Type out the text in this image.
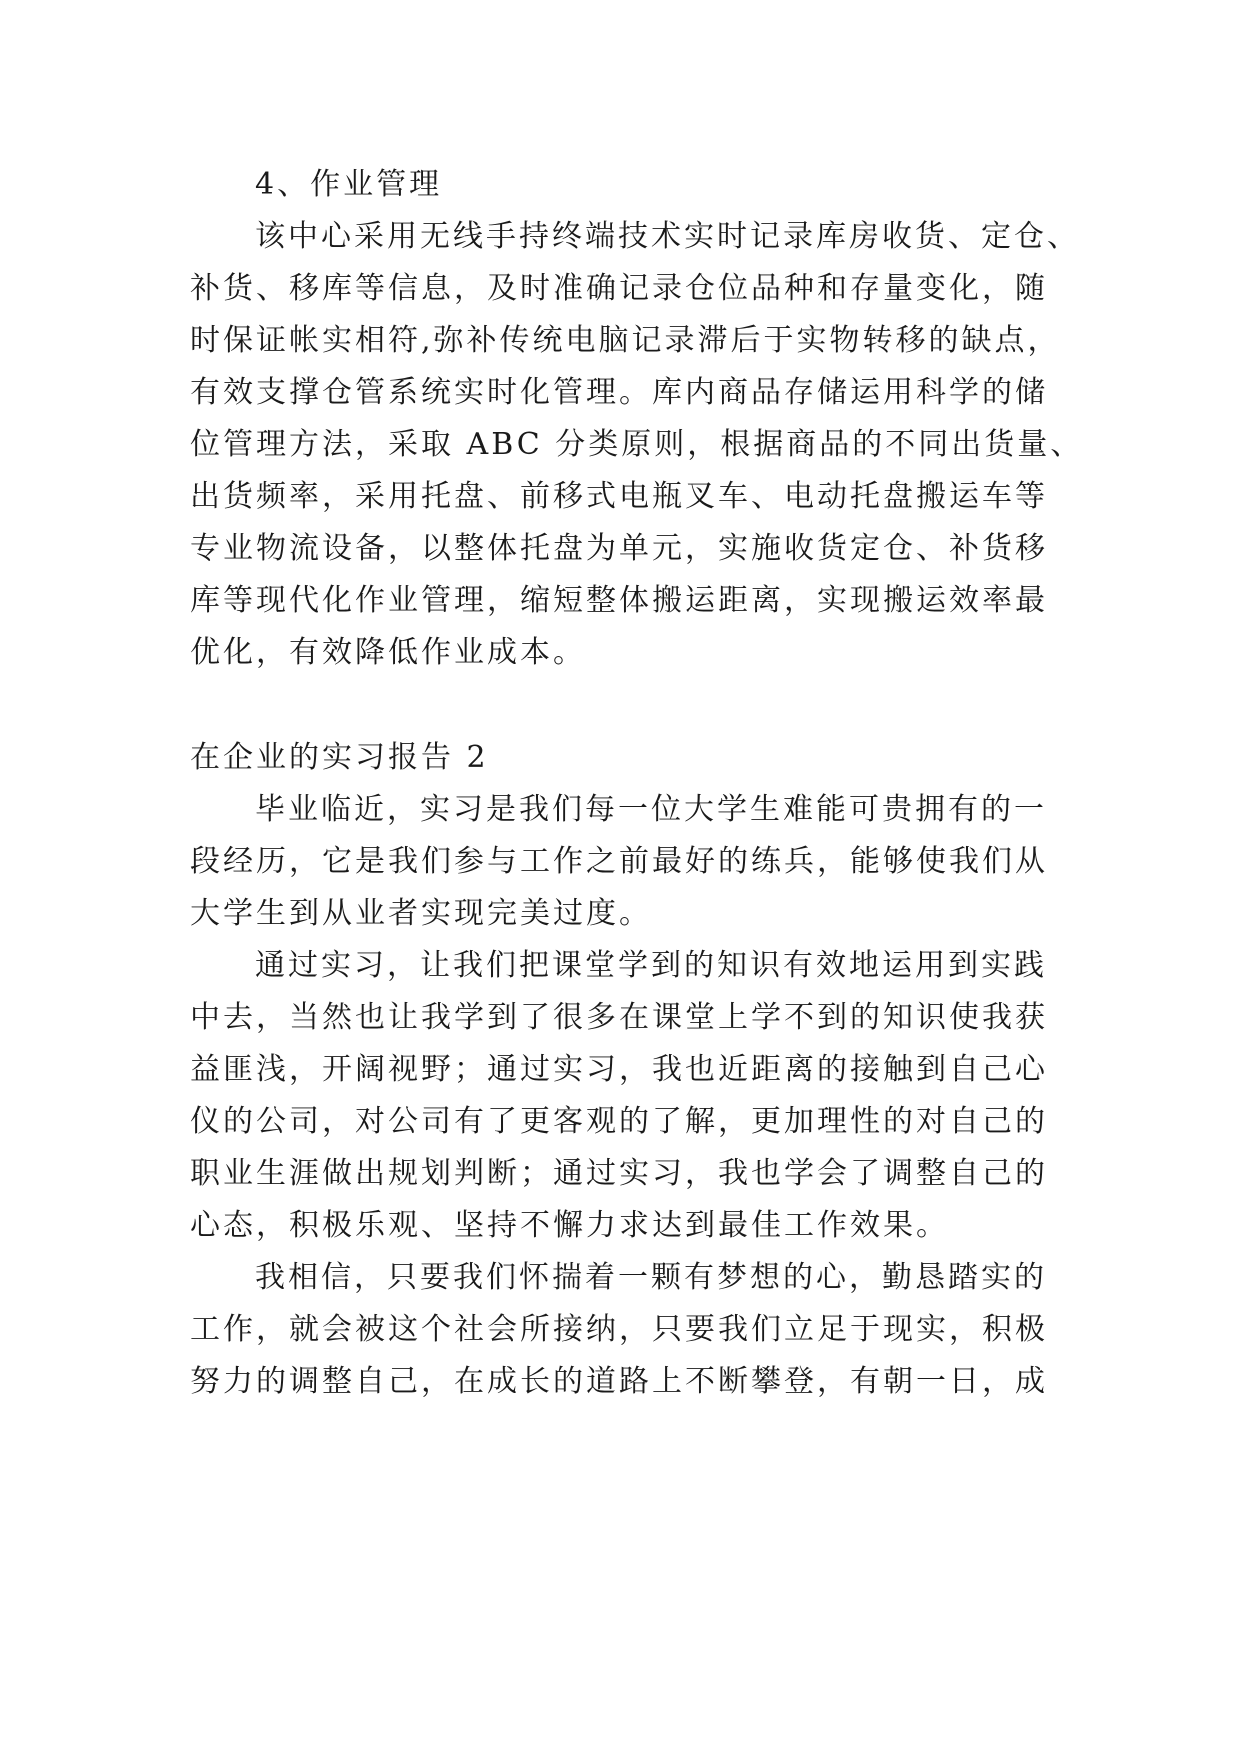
4、作业管理
该中心采用无线手持终端技术实时记录库房收货、定仓、
补货、移库等信息，及时准确记录仓位品种和存量变化，随
时保证帐实相符,弥补传统电脑记录滞后于实物转移的缺点，
有效支撑仓管系统实时化管理。库内商品存储运用科学的储
位管理方法，采取 ABC 分类原则，根据商品的不同出货量、
出货频率，采用托盘、前移式电瓶叉车、电动托盘搬运车等
专业物流设备，以整体托盘为单元，实施收货定仓、补货移
库等现代化作业管理，缩短整体搬运距离，实现搬运效率最
优化，有效降低作业成本。
在企业的实习报告 2
毕业临近，实习是我们每一位大学生难能可贵拥有的一
段经历，它是我们参与工作之前最好的练兵，能够使我们从
大学生到从业者实现完美过度。
通过实习，让我们把课堂学到的知识有效地运用到实践
中去，当然也让我学到了很多在课堂上学不到的知识使我获
益匪浅，开阔视野；通过实习，我也近距离的接触到自己心
仪的公司，对公司有了更客观的了解，更加理性的对自己的
职业生涯做出规划判断；通过实习，我也学会了调整自己的
心态，积极乐观、坚持不懈力求达到最佳工作效果。
我相信，只要我们怀揣着一颗有梦想的心，勤恳踏实的
工作，就会被这个社会所接纳，只要我们立足于现实，积极
努力的调整自己，在成长的道路上不断攀登，有朝一日，成
